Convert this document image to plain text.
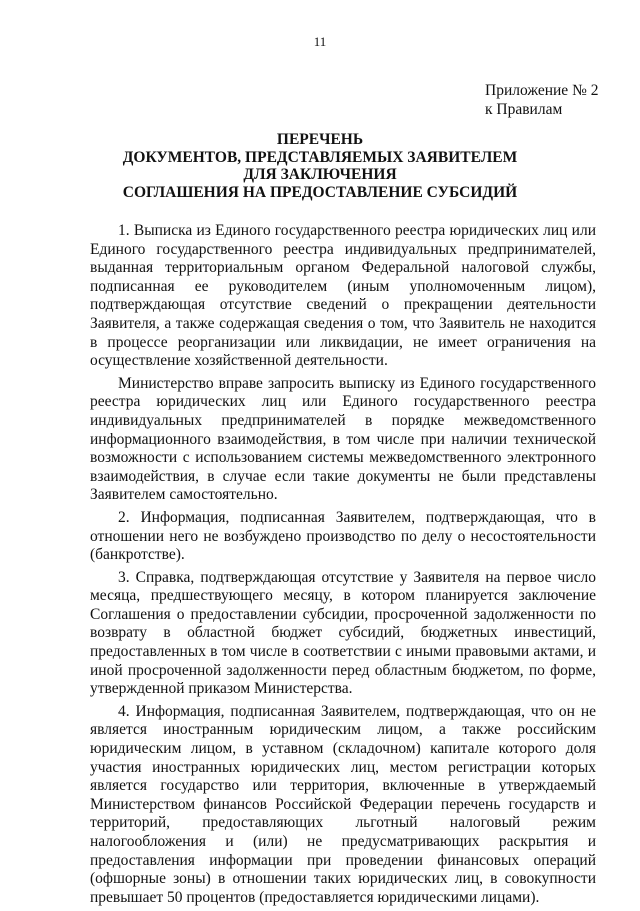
11
Приложение № 2
к Правилам
ПЕРЕЧЕНЬ
ДОКУМЕНТОВ, ПРЕДСТАВЛЯЕМЫХ ЗАЯВИТЕЛЕМ
ДЛЯ ЗАКЛЮЧЕНИЯ
СОГЛАШЕНИЯ НА ПРЕДОСТАВЛЕНИЕ СУБСИДИЙ

1. Выписка из Единого государственного реестра юридических лиц или Единого государственного реестра индивидуальных предпринимателей, выданная территориальным органом Федеральной налоговой службы, подписанная ее руководителем (иным уполномоченным лицом), подтверждающая отсутствие сведений о прекращении деятельности Заявителя, а также содержащая сведения о том, что Заявитель не находится в процессе реорганизации или ликвидации, не имеет ограничения на осуществление хозяйственной деятельности.

Министерство вправе запросить выписку из Единого государственного реестра юридических лиц или Единого государственного реестра индивидуальных предпринимателей в порядке межведомственного информационного взаимодействия, в том числе при наличии технической возможности с использованием системы межведомственного электронного взаимодействия, в случае если такие документы не были представлены Заявителем самостоятельно.

2. Информация, подписанная Заявителем, подтверждающая, что в отношении него не возбуждено производство по делу о несостоятельности (банкротстве).

3. Справка, подтверждающая отсутствие у Заявителя на первое число месяца, предшествующего месяцу, в котором планируется заключение Соглашения о предоставлении субсидии, просроченной задолженности по возврату в областной бюджет субсидий, бюджетных инвестиций, предоставленных в том числе в соответствии с иными правовыми актами, и иной просроченной задолженности перед областным бюджетом, по форме, утвержденной приказом Министерства.

4. Информация, подписанная Заявителем, подтверждающая, что он не является иностранным юридическим лицом, а также российским юридическим лицом, в уставном (складочном) капитале которого доля участия иностранных юридических лиц, местом регистрации которых является государство или территория, включенные в утверждаемый Министерством финансов Российской Федерации перечень государств и территорий, предоставляющих льготный налоговый режим налогообложения и (или) не предусматривающих раскрытия и предоставления информации при проведении финансовых операций (офшорные зоны) в отношении таких юридических лиц, в совокупности превышает 50 процентов (предоставляется юридическими лицами).
